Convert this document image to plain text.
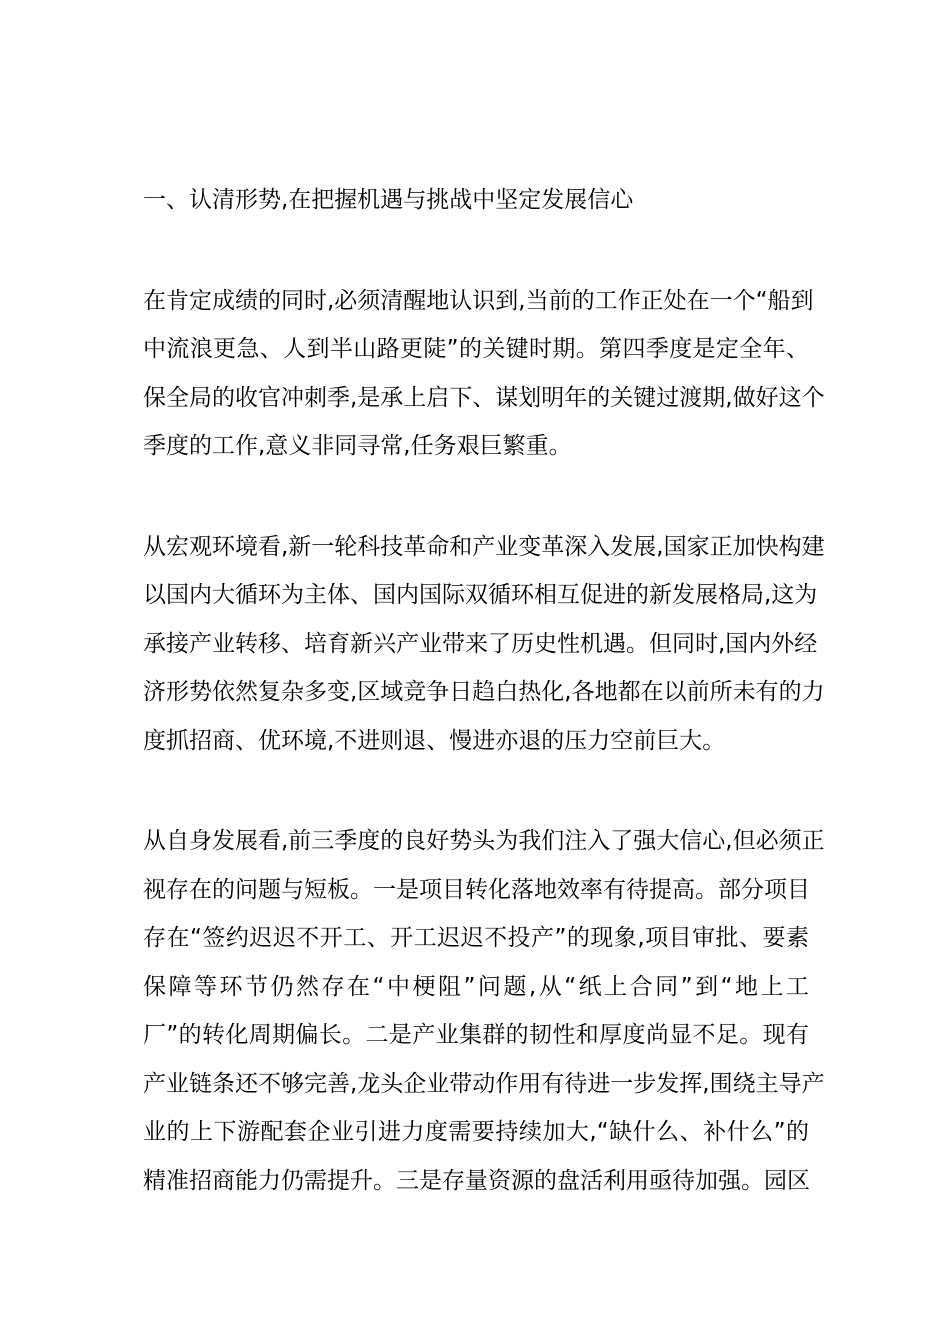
一、认清形势,在把握机遇与挑战中坚定发展信心
在肯定成绩的同时,必须清醒地认识到,当前的工作正处在一个“船到
中流浪更急、人到半山路更陡”的关键时期。第四季度是定全年、
保全局的收官冲刺季,是承上启下、谋划明年的关键过渡期,做好这个
季度的工作,意义非同寻常,任务艰巨繁重。
从宏观环境看,新一轮科技革命和产业变革深入发展,国家正加快构建
以国内大循环为主体、国内国际双循环相互促进的新发展格局,这为
承接产业转移、培育新兴产业带来了历史性机遇。但同时,国内外经
济形势依然复杂多变,区域竞争日趋白热化,各地都在以前所未有的力
度抓招商、优环境,不进则退、慢进亦退的压力空前巨大。
从自身发展看,前三季度的良好势头为我们注入了强大信心,但必须正
视存在的问题与短板。一是项目转化落地效率有待提高。部分项目
存在“签约迟迟不开工、开工迟迟不投产”的现象,项目审批、要素
保障等环节仍然存在“中梗阻”问题,从“纸上合同”到“地上工
厂”的转化周期偏长。二是产业集群的韧性和厚度尚显不足。现有
产业链条还不够完善,龙头企业带动作用有待进一步发挥,围绕主导产
业的上下游配套企业引进力度需要持续加大,“缺什么、补什么”的
精准招商能力仍需提升。三是存量资源的盘活利用亟待加强。园区
